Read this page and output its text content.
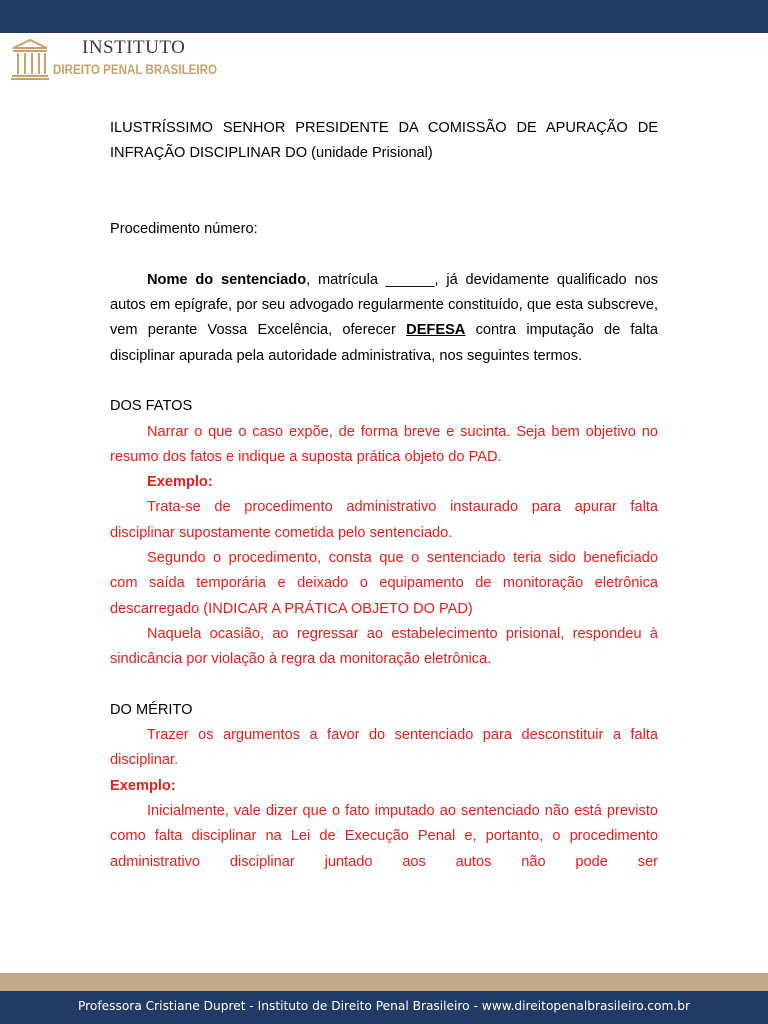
INSTITUTO
DIREITO PENAL BRASILEIRO

ILUSTRÍSSIMO SENHOR PRESIDENTE DA COMISSÃO DE APURAÇÃO DE INFRAÇÃO DISCIPLINAR DO (unidade Prisional)

Procedimento número:

Nome do sentenciado, matrícula ______, já devidamente qualificado nos autos em epígrafe, por seu advogado regularmente constituído, que esta subscreve, vem perante Vossa Excelência, oferecer DEFESA contra imputação de falta disciplinar apurada pela autoridade administrativa, nos seguintes termos.

DOS FATOS

Narrar o que o caso expõe, de forma breve e sucinta. Seja bem objetivo no resumo dos fatos e indique a suposta prática objeto do PAD.

Exemplo:

Trata-se de procedimento administrativo instaurado para apurar falta disciplinar supostamente cometida pelo sentenciado.

Segundo o procedimento, consta que o sentenciado teria sido beneficiado com saída temporária e deixado o equipamento de monitoração eletrônica descarregado (INDICAR A PRÁTICA OBJETO DO PAD)

Naquela ocasião, ao regressar ao estabelecimento prisional, respondeu à sindicância por violação à regra da monitoração eletrônica.

DO MÉRITO

Trazer os argumentos a favor do sentenciado para desconstituir a falta disciplinar.

Exemplo:

Inicialmente, vale dizer que o fato imputado ao sentenciado não está previsto como falta disciplinar na Lei de Execução Penal e, portanto, o procedimento administrativo disciplinar juntado aos autos não pode ser

Professora Cristiane Dupret - Instituto de Direito Penal Brasileiro - www.direitopenalbrasileiro.com.br
